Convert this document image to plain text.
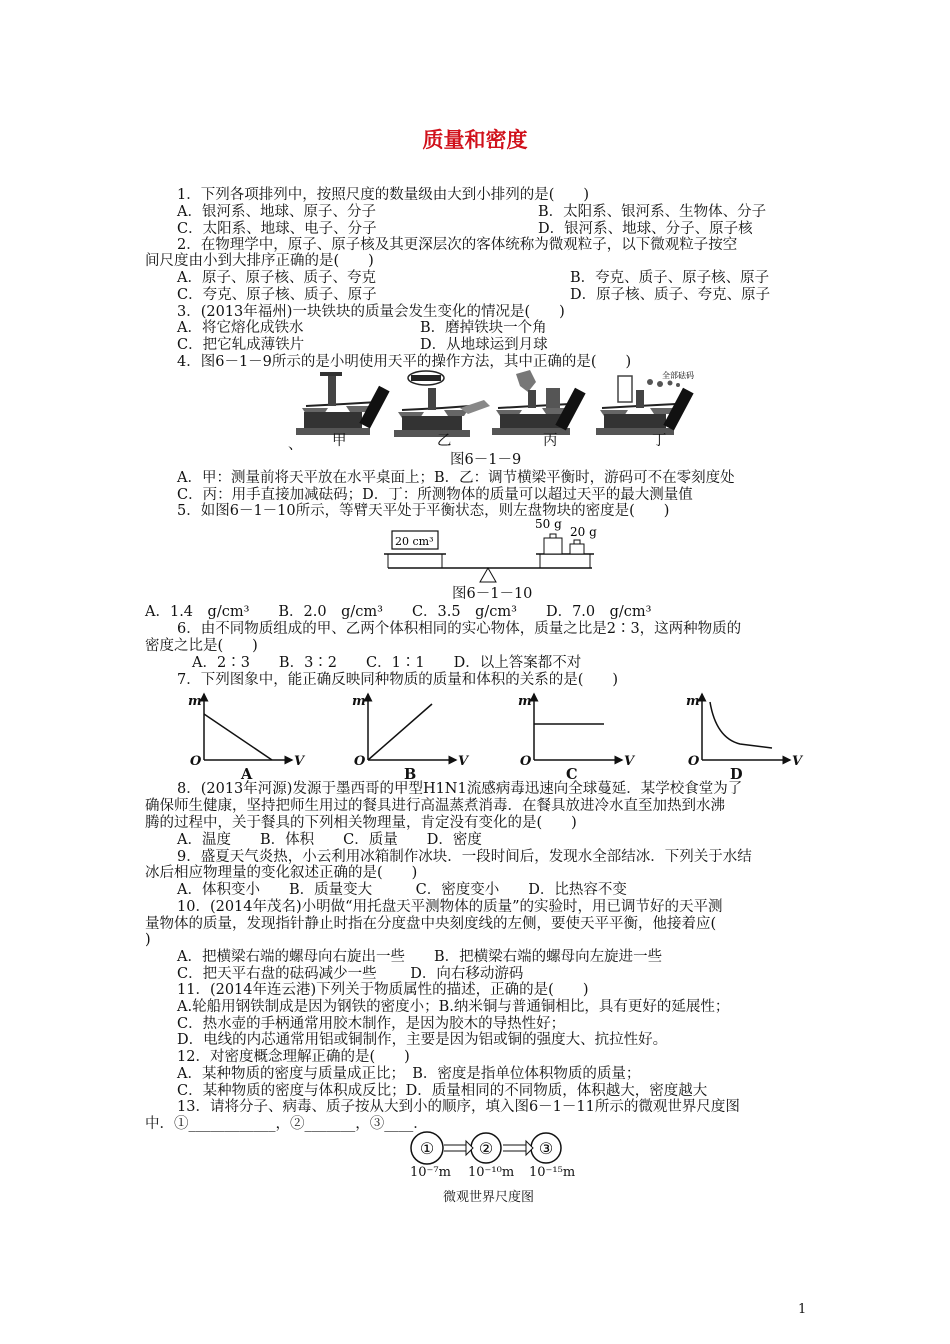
质量和密度
1．下列各项排列中，按照尺度的数量级由大到小排列的是(　　)
A．银河系、地球、原子、分子	B．太阳系、银河系、生物体、分子
C．太阳系、地球、电子、分子	D．银河系、地球、分子、原子核
2．在物理学中，原子、原子核及其更深层次的客体统称为微观粒子，以下微观粒子按空
间尺度由小到大排序正确的是(　　)
A．原子、原子核、质子、夸克	B．夸克、质子、原子核、原子
C．夸克、原子核、质子、原子	D．原子核、质子、夸克、原子
3．(2013年福州)一块铁块的质量会发生变化的情况是(　　)
A．将它熔化成铁水	B．磨掉铁块一个角
C．把它轧成薄铁片	D．从地球运到月球
4．图6－1－9所示的是小明使用天平的操作方法，其中正确的是(　　)
全部砝码
、 甲	乙	丙	丁
图6－1－9
A．甲：测量前将天平放在水平桌面上；B．乙：调节横梁平衡时，游码可不在零刻度处
C．丙：用手直接加减砝码；D．丁：所测物体的质量可以超过天平的最大测量值
5．如图6－1－10所示，等臂天平处于平衡状态，则左盘物块的密度是(　　)
20 cm³
50 g
20 g
图6－1－10
A．1.4　g/cm³　　B．2.0　g/cm³　　C．3.5　g/cm³　　D．7.0　g/cm³
6．由不同物质组成的甲、乙两个体积相同的实心物体，质量之比是2∶3，这两种物质的
密度之比是(　　)
A．2∶3　　B．3∶2　　C．1∶1　　D．以上答案都不对
7．下列图象中，能正确反映同种物质的质量和体积的关系的是(　　)
m	m	m	m
O	O	O	O
V	V	V	V
A	B	C	D
8．(2013年河源)发源于墨西哥的甲型H1N1流感病毒迅速向全球蔓延．某学校食堂为了
确保师生健康，坚持把师生用过的餐具进行高温蒸煮消毒．在餐具放进冷水直至加热到水沸
腾的过程中，关于餐具的下列相关物理量，肯定没有变化的是(　　)
A．温度　　B．体积　　C．质量　　D．密度
9．盛夏天气炎热，小云利用冰箱制作冰块．一段时间后，发现水全部结冰．下列关于水结
冰后相应物理量的变化叙述正确的是(　　)
A．体积变小　　B．质量变大　　　C．密度变小　　D．比热容不变
10．(2014年茂名)小明做“用托盘天平测物体的质量”的实验时，用已调节好的天平测
量物体的质量，发现指针静止时指在分度盘中央刻度线的左侧，要使天平平衡，他接着应(
)
A．把横梁右端的螺母向右旋出一些　　B．把横梁右端的螺母向左旋进一些
C．把天平右盘的砝码减少一些　　 D．向右移动游码
11．(2014年连云港)下列关于物质属性的描述，正确的是(　　)
A.轮船用钢铁制成是因为钢铁的密度小；B.纳米铜与普通铜相比，具有更好的延展性；
C．热水壶的手柄通常用胶木制作，是因为胶木的导热性好；
D．电线的内芯通常用铝或铜制作，主要是因为铝或铜的强度大、抗拉性好。
12．对密度概念理解正确的是(　　)
A．某种物质的密度与质量成正比；　B．密度是指单位体积物质的质量；
C．某种物质的密度与体积成反比；D．质量相同的不同物质，体积越大，密度越大
13．请将分子、病毒、质子按从大到小的顺序，填入图6－1－11所示的微观世界尺度图
中．①____________，②_______，③____．
①	②	③
10⁻⁷m 10⁻¹⁰m 10⁻¹⁵m
微观世界尺度图
1
